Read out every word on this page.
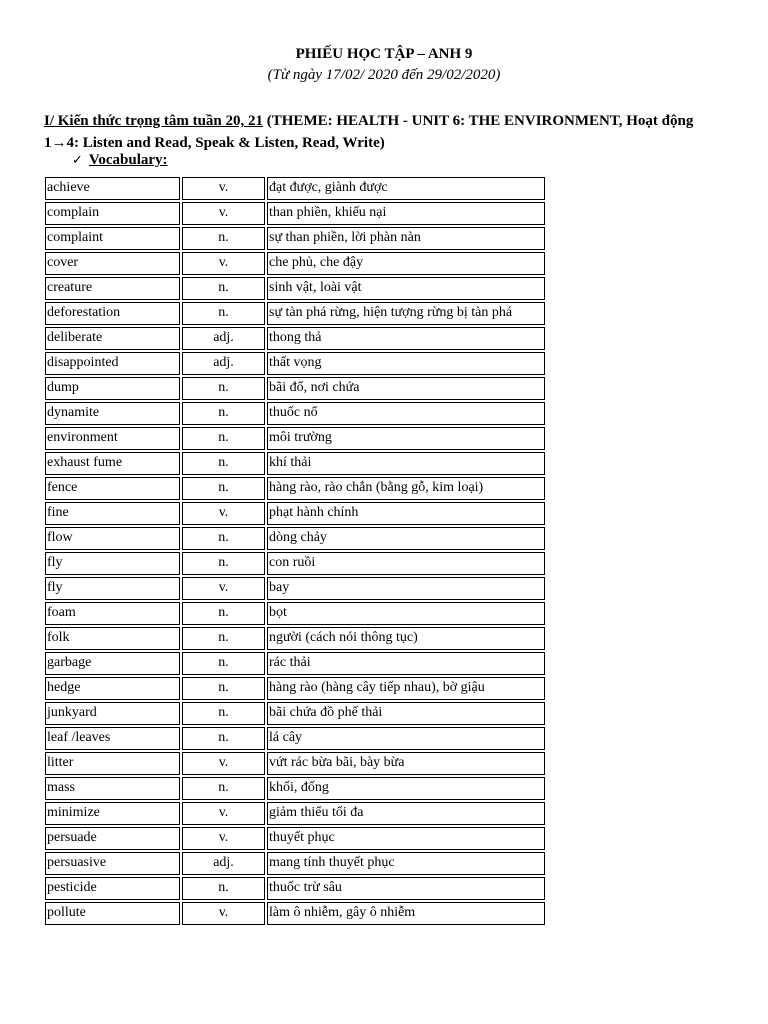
PHIẾU HỌC TẬP – ANH 9
(Từ ngày 17/02/ 2020 đến 29/02/2020)
I/ Kiến thức trọng tâm tuần 20, 21 (THEME: HEALTH - UNIT 6: THE ENVIRONMENT, Hoạt động 1→4: Listen and Read, Speak & Listen, Read, Write)
✓ Vocabulary:
achieve	v.	đạt được, giành được
complain	v.	than phiền, khiếu nại
complaint	n.	sự than phiền, lời phàn nàn
cover	v.	che phủ, che đậy
creature	n.	sinh vật, loài vật
deforestation	n.	sự tàn phá rừng, hiện tượng rừng bị tàn phá
deliberate	adj.	thong thả
disappointed	adj.	thất vọng
dump	n.	bãi đổ, nơi chứa
dynamite	n.	thuốc nổ
environment	n.	môi trường
exhaust fume	n.	khí thải
fence	n.	hàng rào, rào chắn (bằng gỗ, kim loại)
fine	v.	phạt hành chính
flow	n.	dòng chảy
fly	n.	con ruồi
fly	v.	bay
foam	n.	bọt
folk	n.	người (cách nói thông tục)
garbage	n.	rác thải
hedge	n.	hàng rào (hàng cây tiếp nhau), bờ giậu
junkyard	n.	bãi chứa đồ phế thải
leaf /leaves	n.	lá cây
litter	v.	vứt rác bừa bãi, bày bừa
mass	n.	khối, đống
minimize	v.	giảm thiểu tối đa
persuade	v.	thuyết phục
persuasive	adj.	mang tính thuyết phục
pesticide	n.	thuốc trừ sâu
pollute	v.	làm ô nhiễm, gây ô nhiễm
